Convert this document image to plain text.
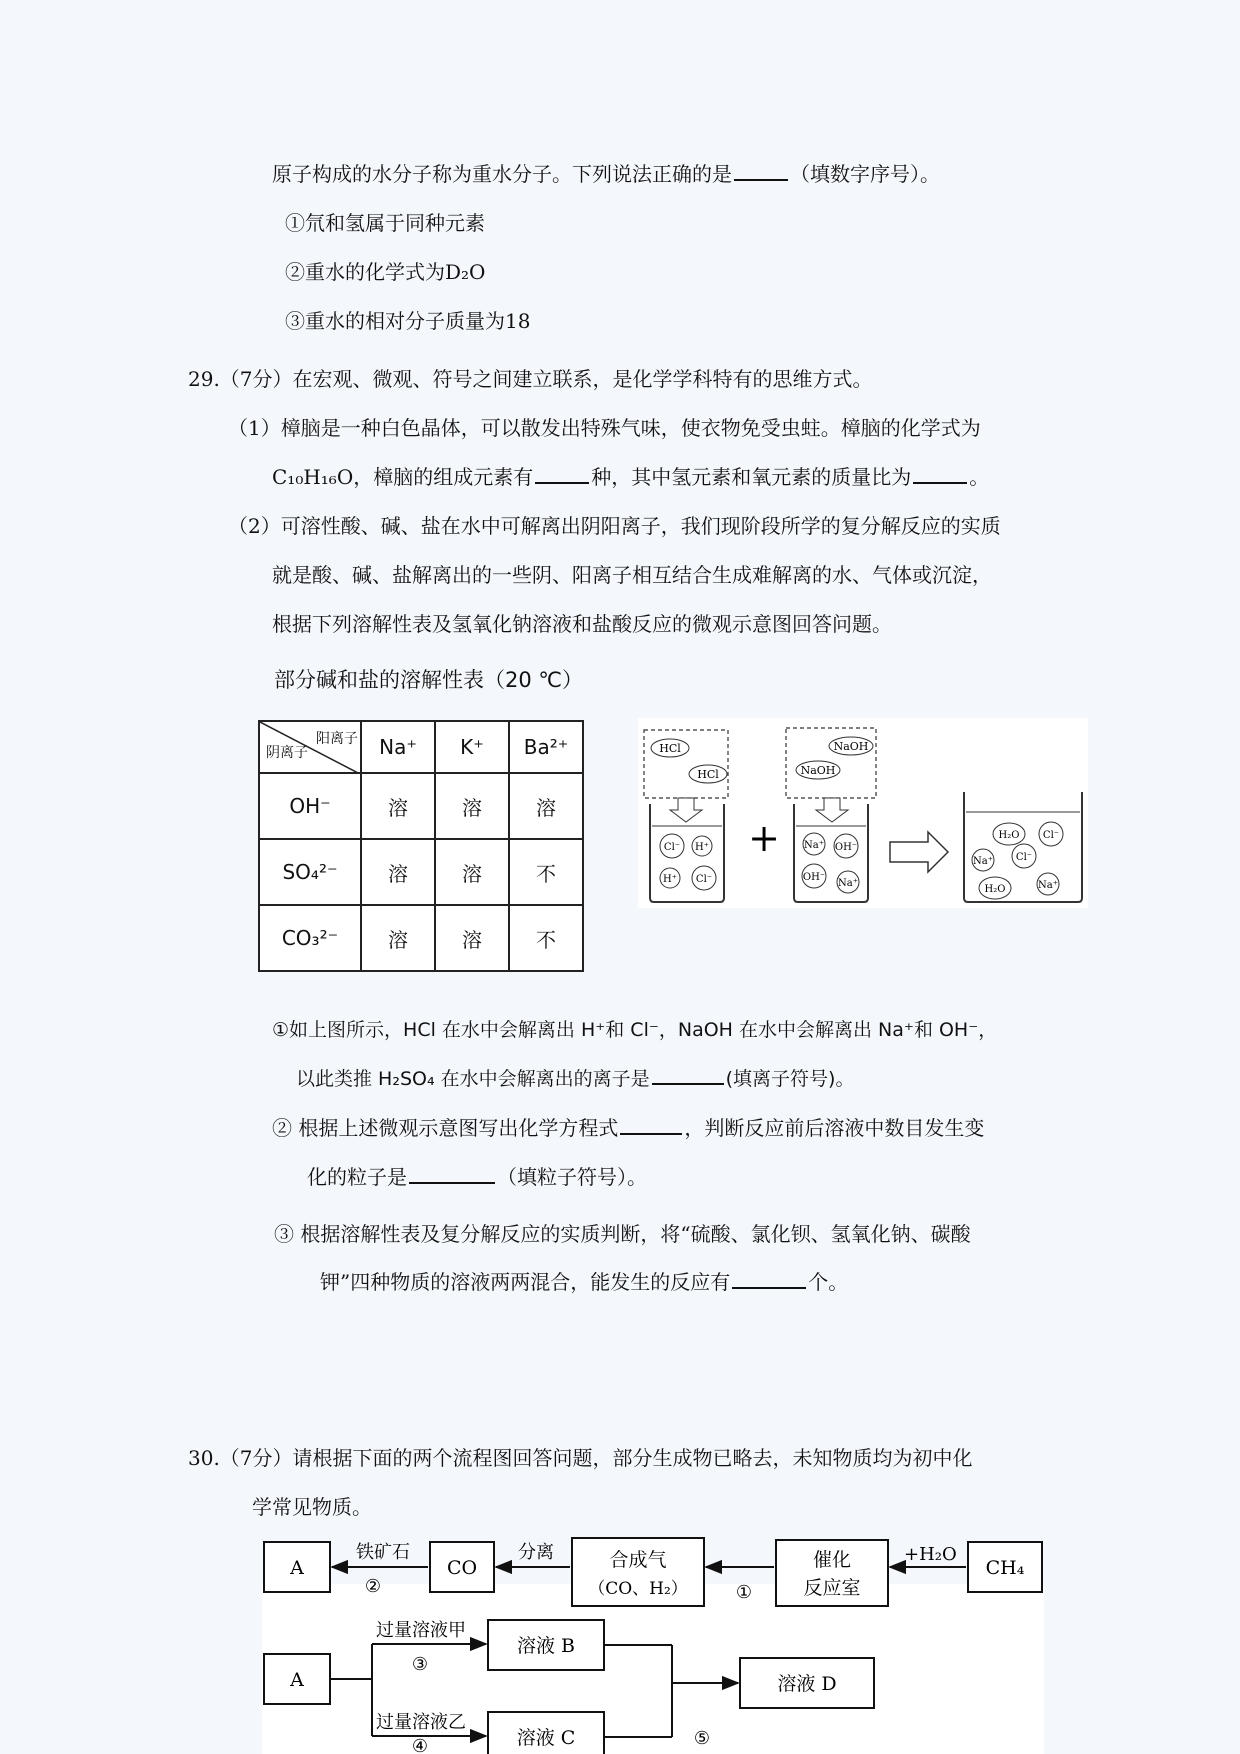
原子构成的水分子称为重水分子。下列说法正确的是	（填数字序号）。
①氘和氢属于同种元素
②重水的化学式为D₂O
③重水的相对分子质量为18
29.（7分）在宏观、微观、符号之间建立联系，是化学学科特有的思维方式。
（1）樟脑是一种白色晶体，可以散发出特殊气味，使衣物免受虫蛀。樟脑的化学式为
C₁₀H₁₆O，樟脑的组成元素有	种，其中氢元素和氧元素的质量比为	。
（2）可溶性酸、碱、盐在水中可解离出阴阳离子，我们现阶段所学的复分解反应的实质
就是酸、碱、盐解离出的一些阴、阳离子相互结合生成难解离的水、气体或沉淀，
根据下列溶解性表及氢氧化钠溶液和盐酸反应的微观示意图回答问题。
部分碱和盐的溶解性表（20 ℃）
阴离子
阳离子	Na⁺	K⁺	Ba²⁺
OH⁻	溶	溶	溶
SO₄²⁻	溶	溶	不
CO₃²⁻	溶	溶	不
HCl
HCl
Cl⁻ H⁺
H⁺ Cl⁻
+
NaOH
NaOH
Na⁺ OH⁻
OH⁻
Na⁺
H₂O Cl⁻
Na⁺ Cl⁻
H₂O	Na⁺
①如上图所示，HCl 在水中会解离出 H⁺和 Cl⁻，NaOH 在水中会解离出 Na⁺和 OH⁻，
以此类推 H₂SO₄ 在水中会解离出的离子是	(填离子符号)。
② 根据上述微观示意图写出化学方程式	，判断反应前后溶液中数目发生变
化的粒子是	（填粒子符号）。
③ 根据溶解性表及复分解反应的实质判断，将“硫酸、氯化钡、氢氧化钠、碳酸
钾”四种物质的溶液两两混合，能发生的反应有	个。
30.（7分）请根据下面的两个流程图回答问题，部分生成物已略去，未知物质均为初中化
学常见物质。
A
铁矿石
②
CO
分离	合成气
（CO、H₂）	①
催化
反应室
+H₂O
CH₄
A
过量溶液甲
③
过量溶液乙
④
溶液 B
溶液 C	⑤
溶液 D
